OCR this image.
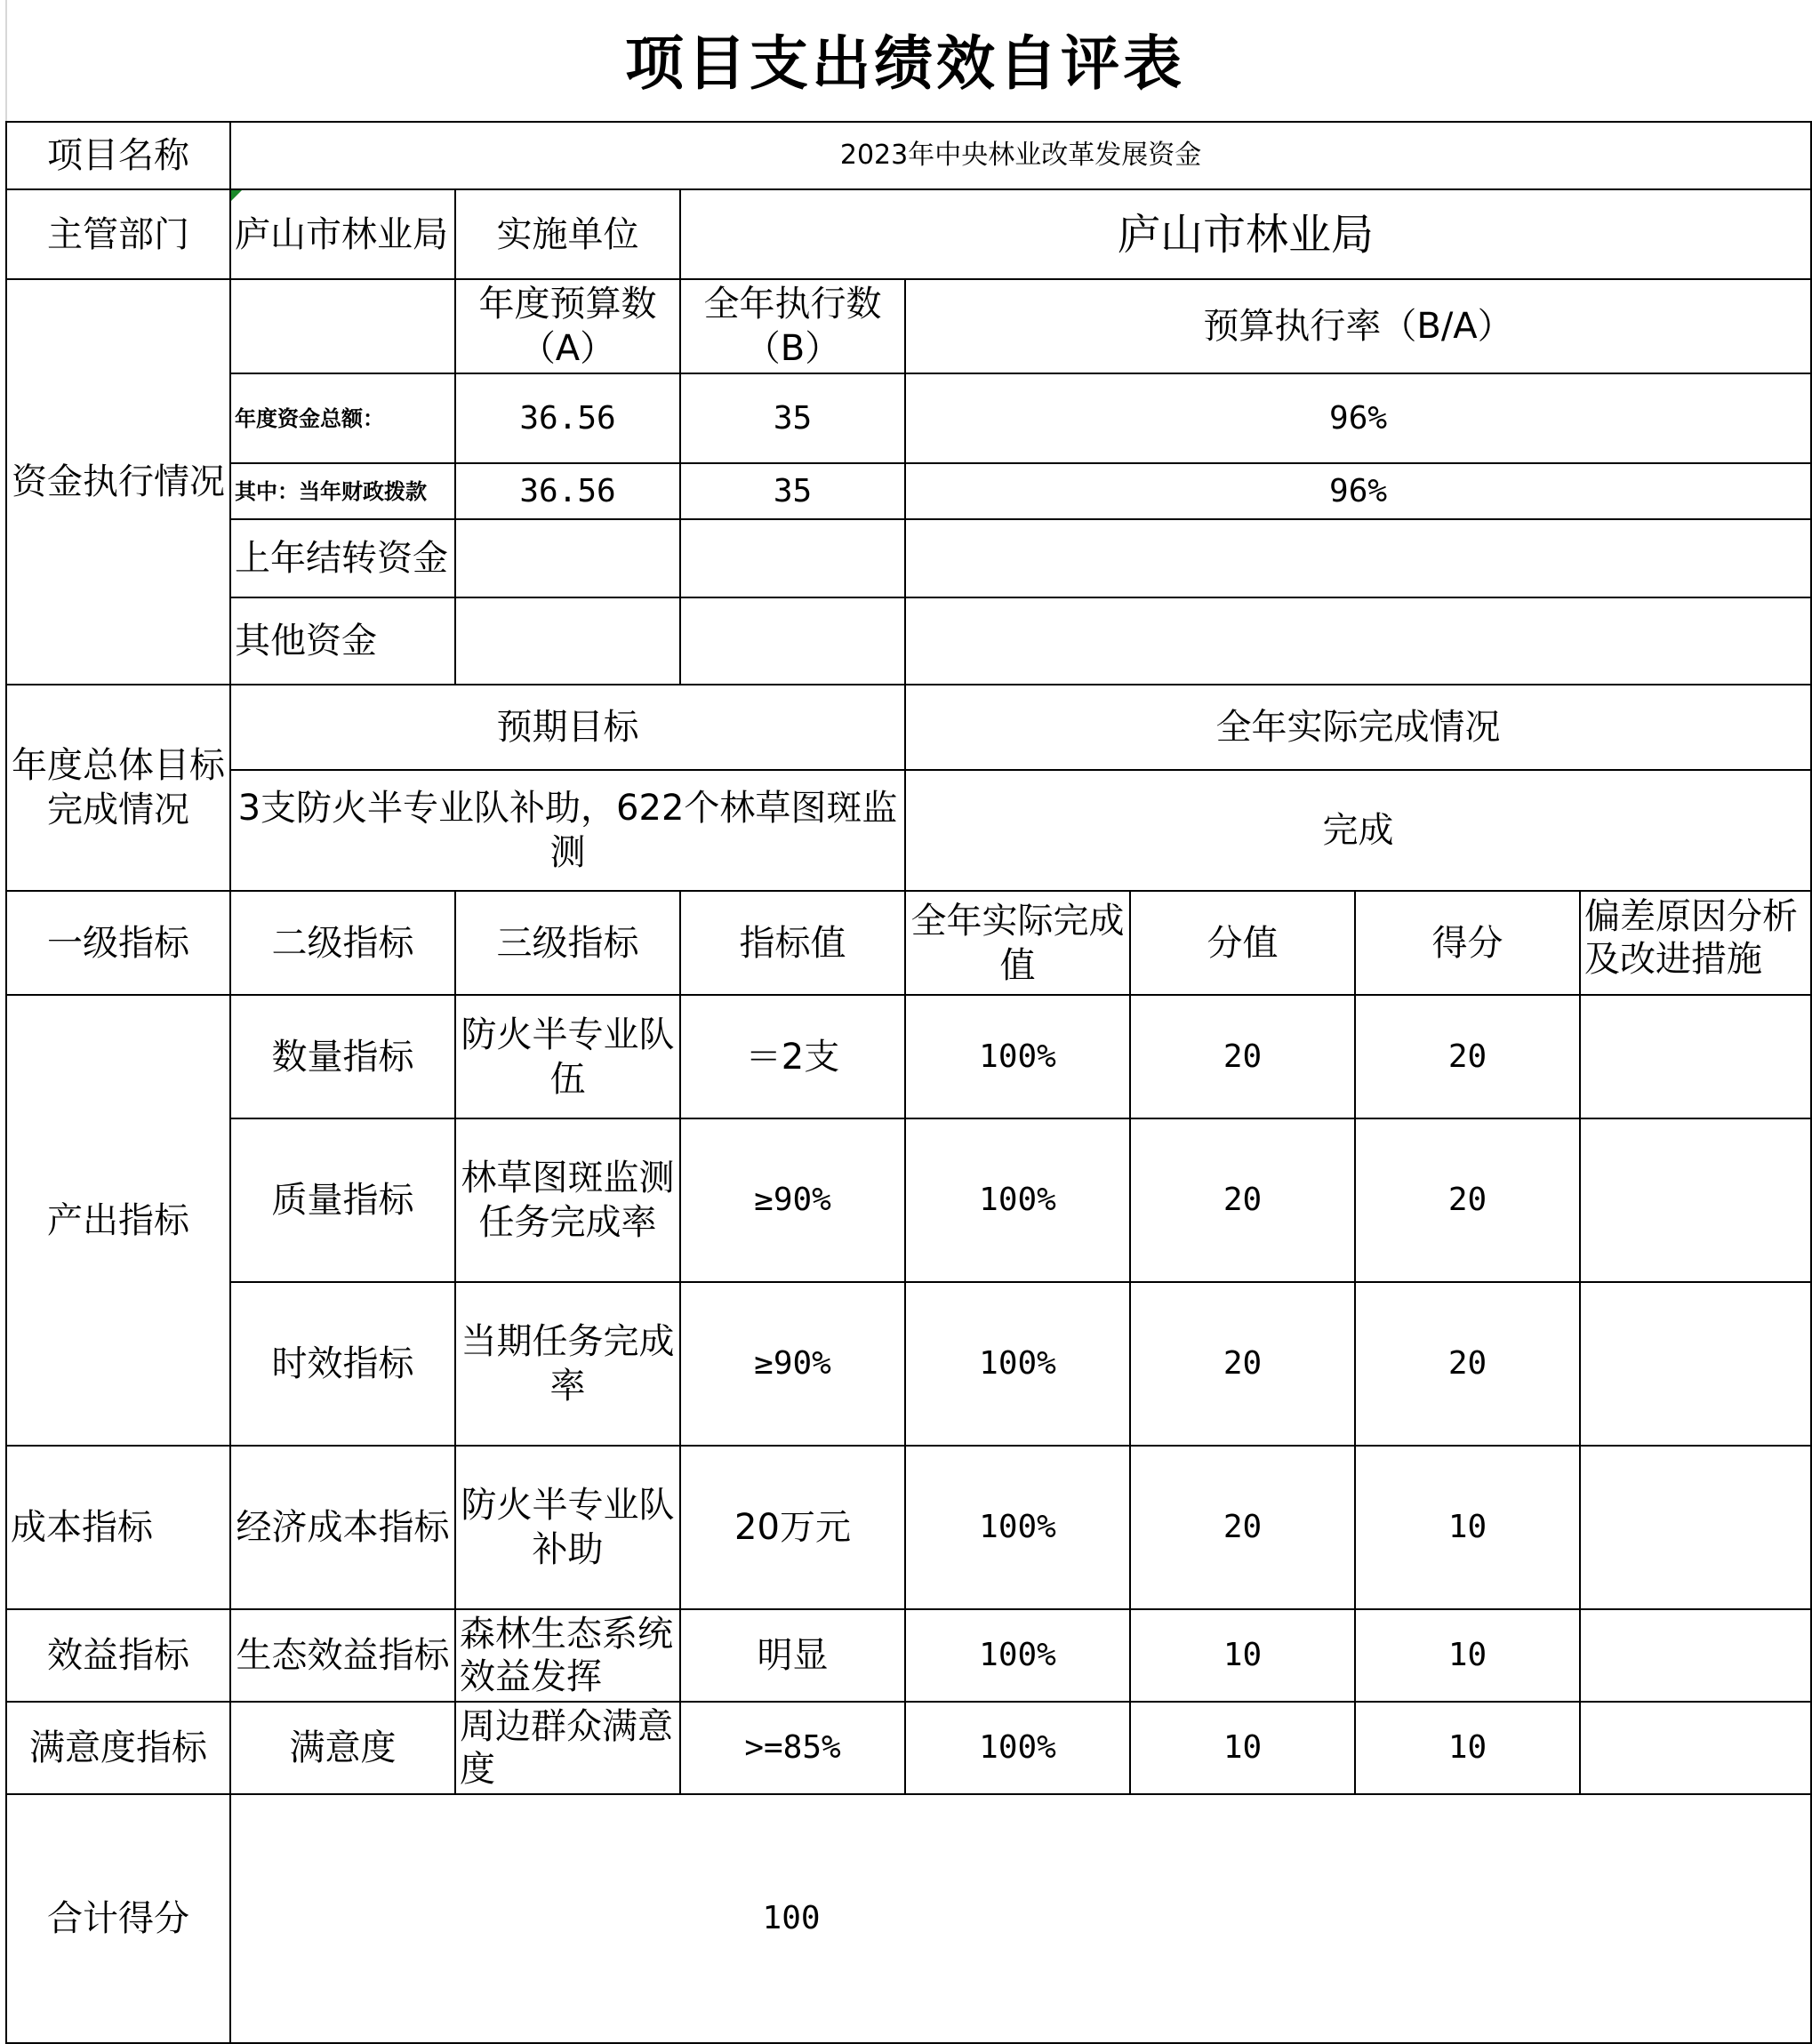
项目支出绩效自评表
项目名称	2023年中央林业改革发展资金						
主管部门	庐山市林业局	实施单位	庐山市林业局				
资金执行情况		年度预算数（A）	全年执行数（B）	预算执行率（B/A）			
	年度资金总额：	36.56	35	96%			
	其中：当年财政拨款	36.56	35	96%			
	上年结转资金						
	其他资金						
年度总体目标完成情况	预期目标			全年实际完成情况			
	3支防火半专业队补助，622个林草图斑监测			完成			
一级指标	二级指标	三级指标	指标值	全年实际完成值	分值	得分	偏差原因分析及改进措施
产出指标	数量指标	防火半专业队伍	＝2支	100%	20	20	
	质量指标	林草图斑监测任务完成率	≥90%	100%	20	20	
	时效指标	当期任务完成率	≥90%	100%	20	20	
成本指标	经济成本指标	防火半专业队补助	20万元	100%	20	10	
效益指标	生态效益指标	森林生态系统效益发挥	明显	100%	10	10	
满意度指标	满意度	周边群众满意度	>=85%	100%	10	10	
合计得分	100						
